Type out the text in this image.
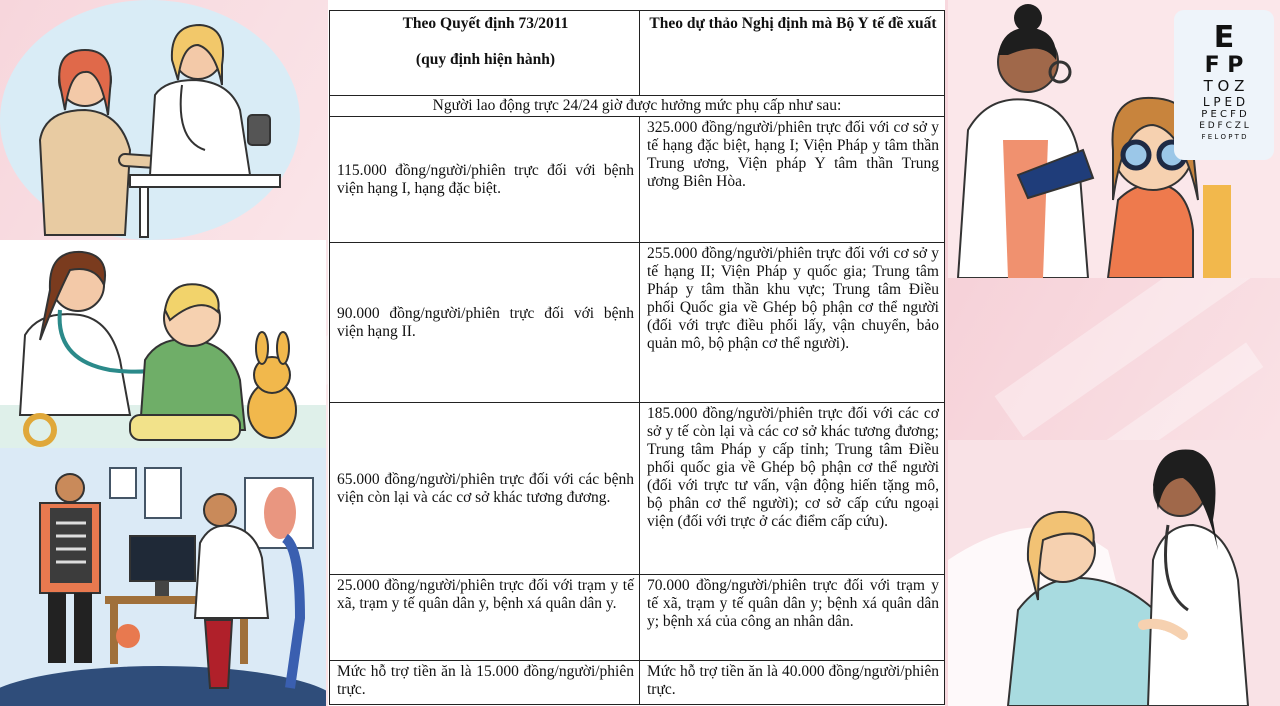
E
F P
T O Z
L P E D
P E C F D
E D F C Z L
F E L O P T D
Theo Quyết định 73/2011
(quy định hiện hành)	Theo dự thảo Nghị định mà Bộ Y tế đề xuất
Người lao động trực 24/24 giờ được hưởng mức phụ cấp như sau:	
115.000 đồng/người/phiên trực đối với bệnh viện hạng I, hạng đặc biệt.	325.000 đồng/người/phiên trực đối với cơ sở y tế hạng đặc biệt, hạng I; Viện Pháp y tâm thần Trung ương, Viện pháp Y tâm thần Trung ương Biên Hòa.
90.000 đồng/người/phiên trực đối với bệnh viện hạng II.	255.000 đồng/người/phiên trực đối với cơ sở y tế hạng II; Viện Pháp y quốc gia; Trung tâm Pháp y tâm thần khu vực; Trung tâm Điều phối Quốc gia về Ghép bộ phận cơ thể người (đối với trực điều phối lấy, vận chuyển, bảo quản mô, bộ phận cơ thể người).
65.000 đồng/người/phiên trực đối với các bệnh viện còn lại và các cơ sở khác tương đương.	185.000 đồng/người/phiên trực đối với các cơ sở y tế còn lại và các cơ sở khác tương đương; Trung tâm Pháp y cấp tỉnh; Trung tâm Điều phối quốc gia về Ghép bộ phận cơ thể người (đối với trực tư vấn, vận động hiến tặng mô, bộ phân cơ thể người); cơ sở cấp cứu ngoại viện (đối với trực ở các điểm cấp cứu).
25.000 đồng/người/phiên trực đối với trạm y tế xã, trạm y tế quân dân y, bệnh xá quân dân y.	70.000 đồng/người/phiên trực đối với trạm y tế xã, trạm y tế quân dân y; bệnh xá quân dân y; bệnh xá của công an nhân dân.
Mức hỗ trợ tiền ăn là 15.000 đồng/người/phiên trực.	Mức hỗ trợ tiền ăn là 40.000 đồng/người/phiên trực.
